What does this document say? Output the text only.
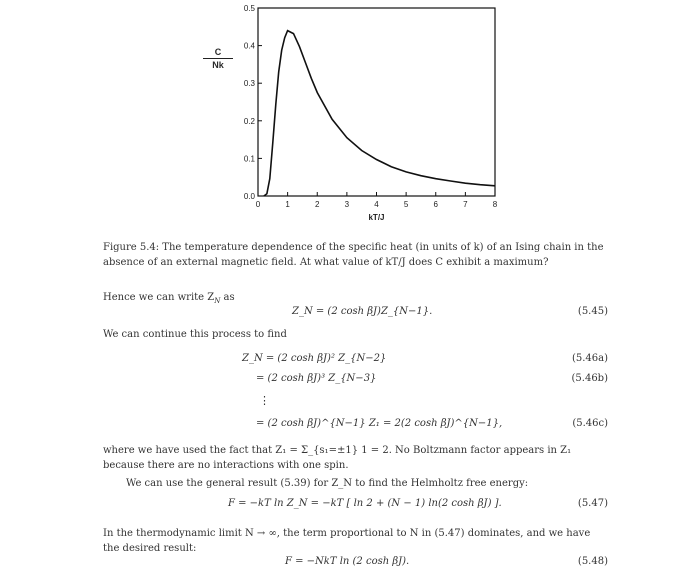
0	1	2	3	4	5	6	7	8
0.0
0.1
0.2
0.3
0.4
0.5
kT/J
$\frac{C}{Nk}$
Figure 5.4: The temperature dependence of the specific heat (in units of k) of an Ising chain in the absence of an external magnetic field. At what value of kT/J does C exhibit a maximum?
Hence we can write $Z_N$ as
Z_N = (2 cosh βJ)Z_{N−1}.	(5.45)
We can continue this process to find
Z_N = (2 cosh βJ)² Z_{N−2}	(5.46a)
= (2 cosh βJ)³ Z_{N−3}	(5.46b)
⋮
= (2 cosh βJ)^{N−1} Z₁ = 2(2 cosh βJ)^{N−1},	(5.46c)
where we have used the fact that Z₁ = Σ_{s₁=±1} 1 = 2. No Boltzmann factor appears in Z₁ because there are no interactions with one spin.
We can use the general result (5.39) for Z_N to find the Helmholtz free energy:
F = −kT ln Z_N = −kT [ ln 2 + (N − 1) ln(2 cosh βJ) ].	(5.47)
In the thermodynamic limit N → ∞, the term proportional to N in (5.47) dominates, and we have the desired result:
F = −NkT ln (2 cosh βJ).	(5.48)
